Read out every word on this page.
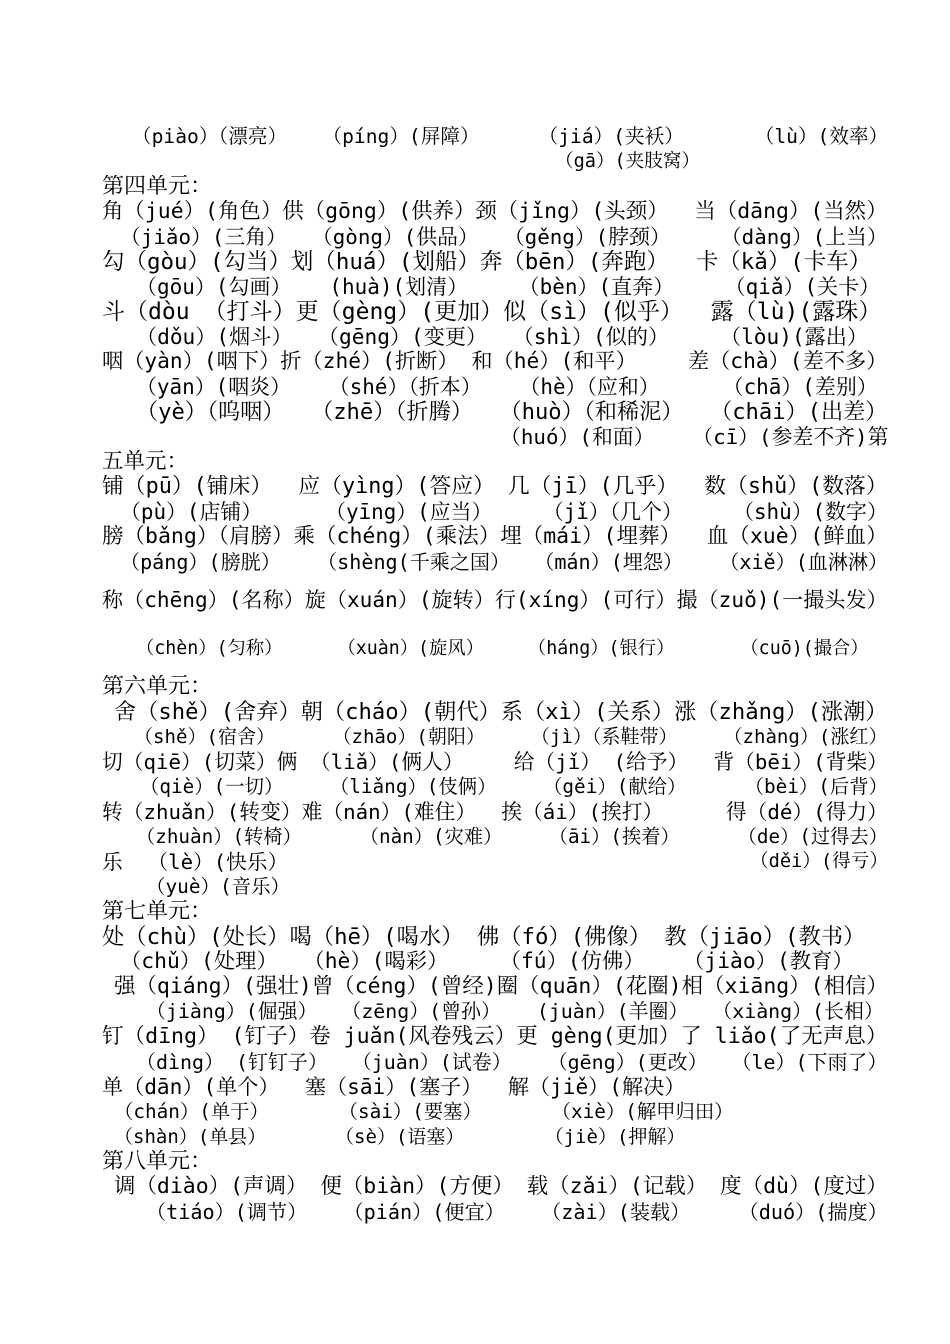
（piào）（漂亮）   （píng）(屏障）     （jiá）(夹袄）      （lù）(效率）
（gā）(夹肢窝）
第四单元：
角（jué）(角色）供（gōng）(供养）颈（jǐng）(头颈）  当（dāng）(当然）
（jiǎo）(三角）  （gòng）(供品）  （gěng）(脖颈）    （dàng）(上当）
勾（gòu）(勾当）划（huá）(划船）奔（bēn）(奔跑）  卡（kǎ）(卡车）
（gōu）(勾画）   (huà)(划清）    （bèn）(直奔）    （qiǎ）(关卡）
斗（dòu （打斗）更（gèng）(更加）似（sì）(似乎）  露（lù)(露珠）
（dǒu）(烟斗）  （gēng）(变更）  （shì）(似的）    （lòu)(露出）
咽（yàn）(咽下）折（zhé）(折断） 和（hé）(和平）    差（chà）(差不多）
（yān）(咽炎）   （shé）（折本）   （hè）（应和）     （chā）(差别）
（yè）（呜咽）  （zhē）（折腾）  （huò）（和稀泥）  （chāi）(出差）
（huó）(和面）   （cī）(参差不齐)第
五单元：
铺（pū）(铺床）  应（yìng）(答应） 几（jī）(几乎）  数（shǔ）(数落）
（pù）(店铺）     （yīng）(应当）    （jǐ）（几个）    （shù）(数字）
膀（bǎng）（肩膀）乘（chéng）(乘法）埋（mái）(埋葬）  血（xuè）(鲜血）
（páng）(膀胱）   （shèng(千乘之国）  （mán）(埋怨）   （xiě）(血淋淋）
称（chēng）(名称）旋（xuán）(旋转）行(xíng）(可行）撮（zuǒ)(一撮头发）
（chèn）(匀称）     （xuàn）(旋风）    （háng）(银行）      （cuō)(撮合）
第六单元：
舍（shě）(舍弃）朝（cháo）(朝代）系（xì）(关系）涨（zhǎng）(涨潮）
（shě）(宿舍）     （zhāo）(朝阳）    （jì）（系鞋带）    （zhàng）(涨红）
切（qiē）(切菜）俩 （liǎ）(俩人）    给（jǐ） (给予）  背（bēi）(背柴）
（qiè）(一切）    （liǎng）(伎俩）    （gěi）(献给）     （bèi）(后背）
转（zhuǎn）(转变）难（nán）(难住）  挨（ái）(挨打）     得（dé）(得力）
（zhuàn）(转椅）     （nàn）(灾难）    （āi）(挨着）     （de）(过得去）
乐  （lè）(快乐）	（děi）(得亏）
（yuè）(音乐）
第七单元：
处（chù）(处长）喝（hē）(喝水） 佛（fó）(佛像） 教（jiāo）(教书）
（chǔ）(处理）  （hè）(喝彩）    （fú）(仿佛）   （jiào）(教育）
强（qiáng）(强壮)曾（céng）(曾经)圈（quān）(花圈)相（xiāng）(相信）
（jiàng）(倔强）  （zēng）(曾孙）   (juàn）(羊圈）  （xiàng）(长相）
钉（dīng） (钉子）卷 juǎn(风卷残云）更 gèng(更加）了 liǎo(了无声息）
（dìng） (钉钉子）  （juàn）(试卷）   （gēng）(更改）  （le）(下雨了）
单（dān）(单个）  塞（sāi）(塞子）  解（jiě）(解决）
（chán）(单于）      （sài）(要塞）      （xiè）(解甲归田）
（shàn）(单县）      （sè）(语塞）       （jiè）(押解）
第八单元：
调（diào）(声调） 便（biàn）(方便） 载（zǎi）(记载） 度（dù）(度过）
（tiáo）(调节）   （pián）(便宜）   （zài）(装载）    （duó）(揣度）
